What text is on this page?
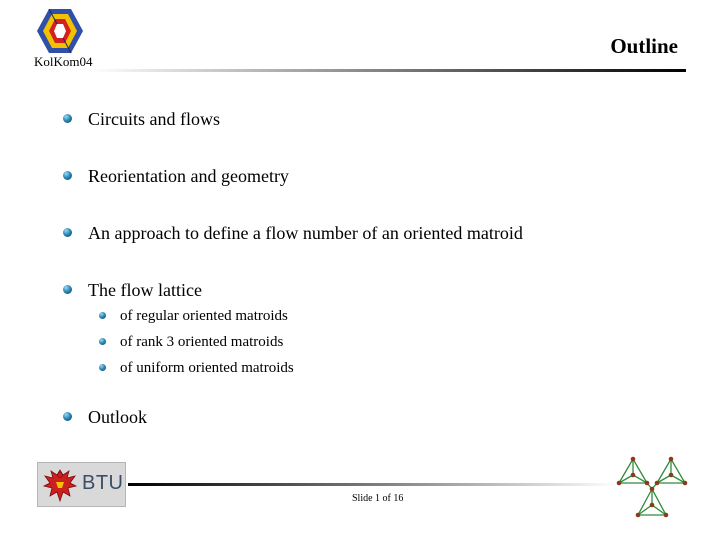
KolKom04
Outline
Circuits and flows
Reorientation and geometry
An approach to define a flow number of an oriented matroid
The flow lattice
of regular oriented matroids
of rank 3 oriented matroids
of uniform oriented matroids
Outlook
BTU
Slide 1 of 16
